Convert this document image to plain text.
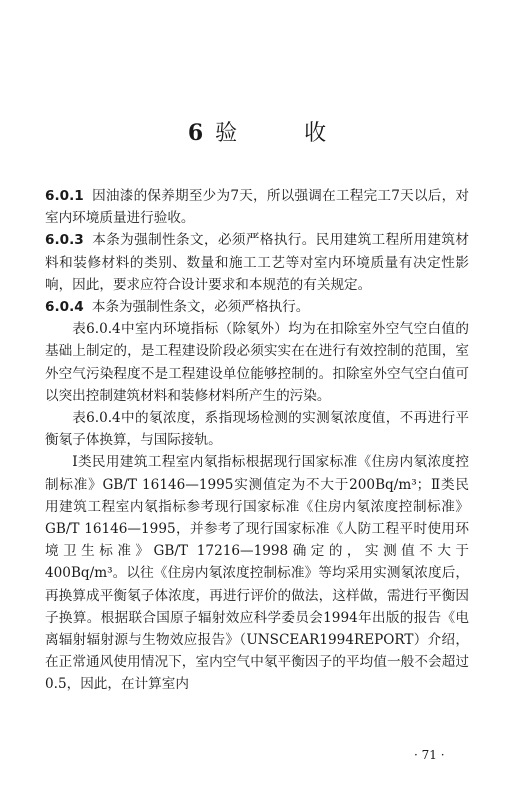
6 验 收

6.0.1 因油漆的保养期至少为7天，所以强调在工程完工7天以后，对室内环境质量进行验收。

6.0.3 本条为强制性条文，必须严格执行。民用建筑工程所用建筑材料和装修材料的类别、数量和施工工艺等对室内环境质量有决定性影响，因此，要求应符合设计要求和本规范的有关规定。

6.0.4 本条为强制性条文，必须严格执行。

表6.0.4中室内环境指标（除氡外）均为在扣除室外空气空白值的基础上制定的，是工程建设阶段必须实实在在进行有效控制的范围，室外空气污染程度不是工程建设单位能够控制的。扣除室外空气空白值可以突出控制建筑材料和装修材料所产生的污染。

表6.0.4中的氡浓度，系指现场检测的实测氡浓度值，不再进行平衡氡子体换算，与国际接轨。

Ⅰ类民用建筑工程室内氡指标根据现行国家标准《住房内氡浓度控制标准》GB/T 16146—1995实测值定为不大于200Bq/m³；Ⅱ类民用建筑工程室内氡指标参考现行国家标准《住房内氡浓度控制标准》GB/T 16146—1995，并参考了现行国家标准《人防工程平时使用环境卫生标准》GB/T 17216—1998确定的，实测值不大于400Bq/m³。以往《住房内氡浓度控制标准》等均采用实测氡浓度后，再换算成平衡氡子体浓度，再进行评价的做法，这样做，需进行平衡因子换算。根据联合国原子辐射效应科学委员会1994年出版的报告《电离辐射辐射源与生物效应报告》（UNSCEAR1994REPORT）介绍，在正常通风使用情况下，室内空气中氡平衡因子的平均值一般不会超过0.5，因此，在计算室内

· 71 ·
